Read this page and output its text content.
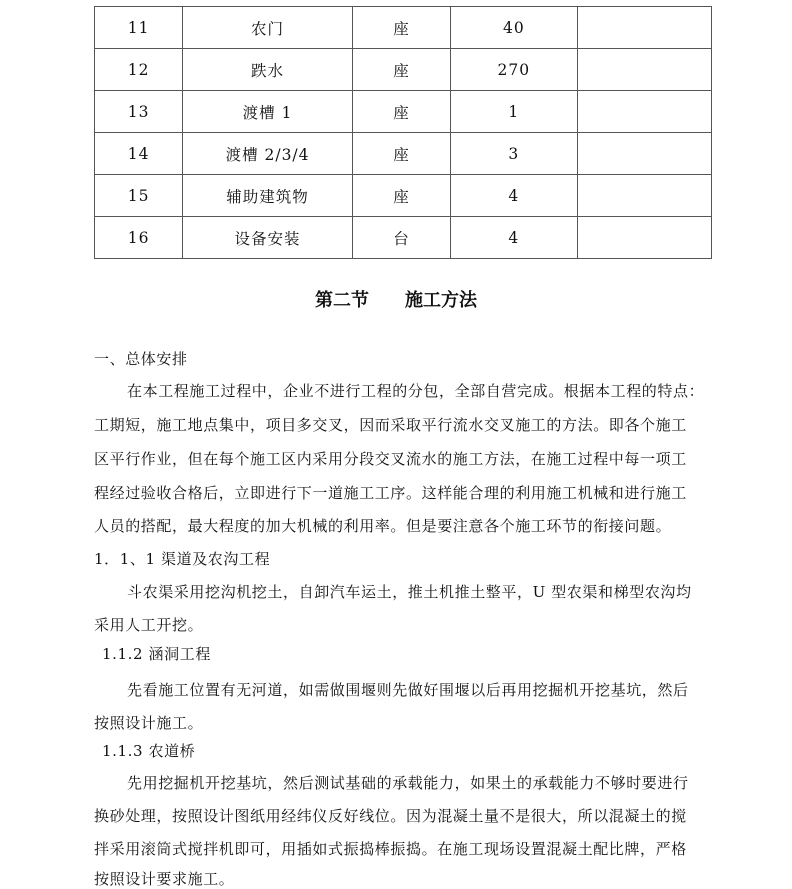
11	农门	座	40	
12	跌水	座	270	
13	渡槽 1	座	1	
14	渡槽 2/3/4	座	3	
15	辅助建筑物	座	4	
16	设备安装	台	4	
第二节 施工方法
一、总体安排
在本工程施工过程中，企业不进行工程的分包，全部自营完成。根据本工程的特点：
工期短，施工地点集中，项目多交叉，因而采取平行流水交叉施工的方法。即各个施工
区平行作业，但在每个施工区内采用分段交叉流水的施工方法，在施工过程中每一项工
程经过验收合格后，立即进行下一道施工工序。这样能合理的利用施工机械和进行施工
人员的搭配，最大程度的加大机械的利用率。但是要注意各个施工环节的衔接问题。
1．1、1 渠道及农沟工程
斗农渠采用挖沟机挖土，自卸汽车运土，推土机推土整平，U 型农渠和梯型农沟均
采用人工开挖。
1.1.2 涵洞工程
先看施工位置有无河道，如需做围堰则先做好围堰以后再用挖掘机开挖基坑，然后
按照设计施工。
1.1.3 农道桥
先用挖掘机开挖基坑，然后测试基础的承载能力，如果土的承载能力不够时要进行
换砂处理，按照设计图纸用经纬仪反好线位。因为混凝土量不是很大，所以混凝土的搅
拌采用滚筒式搅拌机即可，用插如式振捣棒振捣。在施工现场设置混凝土配比牌，严格
按照设计要求施工。
